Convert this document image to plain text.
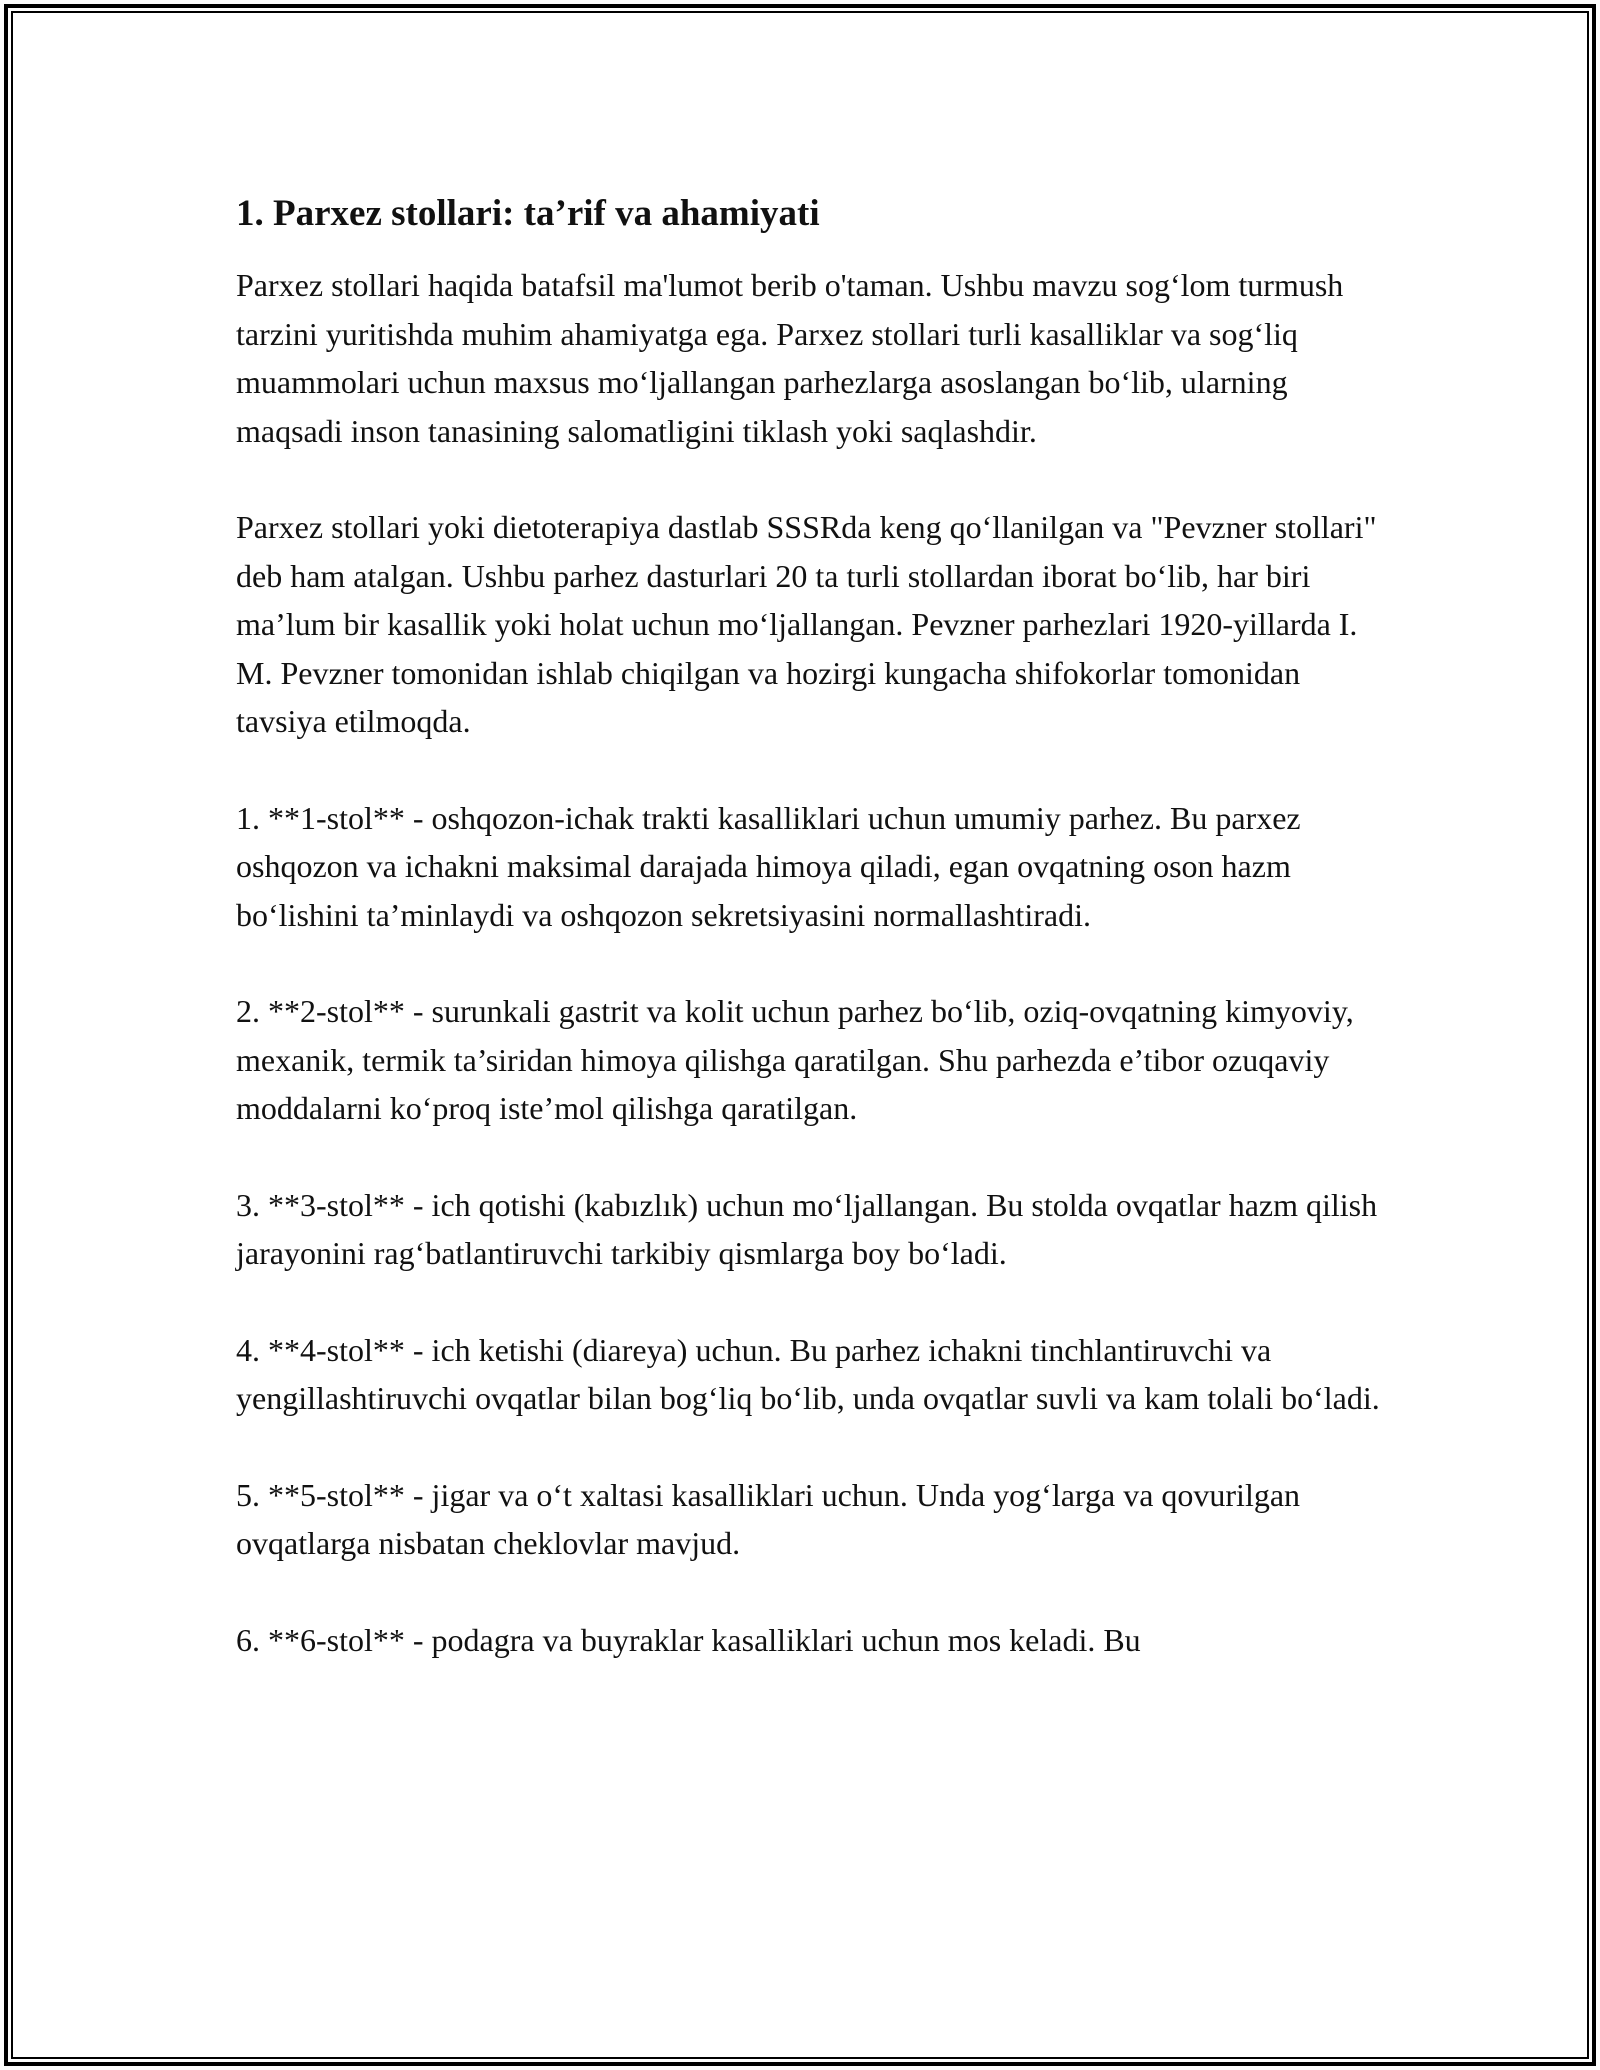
1. Parxez stollari: ta’rif va ahamiyati

Parxez stollari haqida batafsil ma'lumot berib o'taman. Ushbu mavzu sog‘lom turmush tarzini yuritishda muhim ahamiyatga ega. Parxez stollari turli kasalliklar va sog‘liq muammolari uchun maxsus mo‘ljallangan parhezlarga asoslangan bo‘lib, ularning maqsadi inson tanasining salomatligini tiklash yoki saqlashdir.

Parxez stollari yoki dietoterapiya dastlab SSSRda keng qo‘llanilgan va "Pevzner stollari" deb ham atalgan. Ushbu parhez dasturlari 20 ta turli stollardan iborat bo‘lib, har biri ma’lum bir kasallik yoki holat uchun mo‘ljallangan. Pevzner parhezlari 1920-yillarda I. M. Pevzner tomonidan ishlab chiqilgan va hozirgi kungacha shifokorlar tomonidan tavsiya etilmoqda.

1. **1-stol** - oshqozon-ichak trakti kasalliklari uchun umumiy parhez. Bu parxez oshqozon va ichakni maksimal darajada himoya qiladi, egan ovqatning oson hazm bo‘lishini ta’minlaydi va oshqozon sekretsiyasini normallashtiradi.

2. **2-stol** - surunkali gastrit va kolit uchun parhez bo‘lib, oziq-ovqatning kimyoviy, mexanik, termik ta’siridan himoya qilishga qaratilgan. Shu parhezda e’tibor ozuqaviy moddalarni ko‘proq iste’mol qilishga qaratilgan.

3. **3-stol** - ich qotishi (kabızlık) uchun mo‘ljallangan. Bu stolda ovqatlar hazm qilish jarayonini rag‘batlantiruvchi tarkibiy qismlarga boy bo‘ladi.

4. **4-stol** - ich ketishi (diareya) uchun. Bu parhez ichakni tinchlantiruvchi va yengillashtiruvchi ovqatlar bilan bog‘liq bo‘lib, unda ovqatlar suvli va kam tolali bo‘ladi.

5. **5-stol** - jigar va o‘t xaltasi kasalliklari uchun. Unda yog‘larga va qovurilgan ovqatlarga nisbatan cheklovlar mavjud.

6. **6-stol** - podagra va buyraklar kasalliklari uchun mos keladi. Bu
